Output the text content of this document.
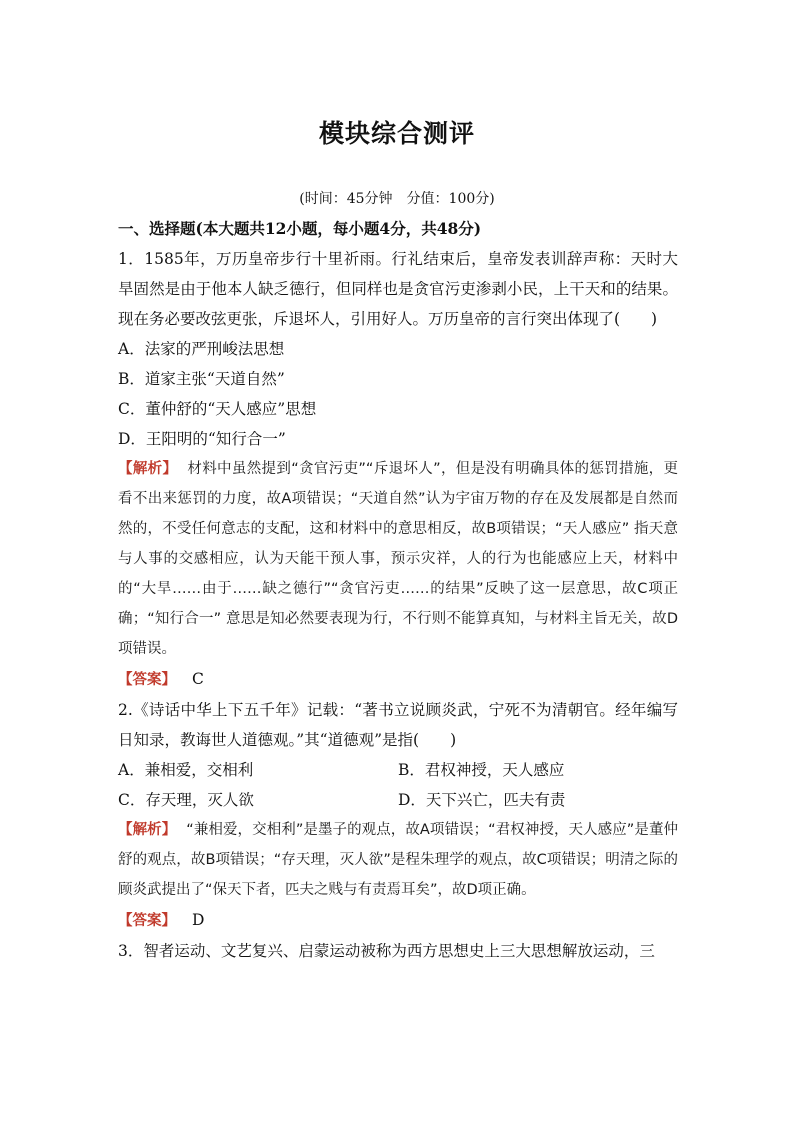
模块综合测评
(时间：45分钟　分值：100分)

一、选择题(本大题共12小题，每小题4分，共48分)

1．1585年，万历皇帝步行十里祈雨。行礼结束后，皇帝发表训辞声称：天时大旱固然是由于他本人缺乏德行，但同样也是贪官污吏渗剥小民，上干天和的结果。现在务必要改弦更张，斥退坏人，引用好人。万历皇帝的言行突出体现了(　　)

A．法家的严刑峻法思想

B．道家主张“天道自然”

C．董仲舒的“天人感应”思想

D．王阳明的“知行合一”

【解析】 材料中虽然提到“贪官污吏”“斥退坏人”，但是没有明确具体的惩罚措施，更看不出来惩罚的力度，故A项错误；“天道自然”认为宇宙万物的存在及发展都是自然而然的，不受任何意志的支配，这和材料中的意思相反，故B项错误；“天人感应” 指天意与人事的交感相应，认为天能干预人事，预示灾祥，人的行为也能感应上天，材料中的“大旱……由于……缺之德行”“贪官污吏……的结果”反映了这一层意思，故C项正确；“知行合一” 意思是知必然要表现为行，不行则不能算真知，与材料主旨无关，故D项错误。

【答案】 C

2.《诗话中华上下五千年》记载：“著书立说顾炎武，宁死不为清朝官。经年编写日知录，教诲世人道德观。”其“道德观”是指(　　)

A．兼相爱，交相利	B．君权神授，天人感应
C．存天理，灭人欲	D．天下兴亡，匹夫有责

【解析】 “兼相爱，交相利”是墨子的观点，故A项错误；“君权神授，天人感应”是董仲舒的观点，故B项错误；“存天理，灭人欲”是程朱理学的观点，故C项错误；明清之际的顾炎武提出了“保天下者，匹夫之贱与有责焉耳矣”，故D项正确。

【答案】 D

3．智者运动、文艺复兴、启蒙运动被称为西方思想史上三大思想解放运动，三
